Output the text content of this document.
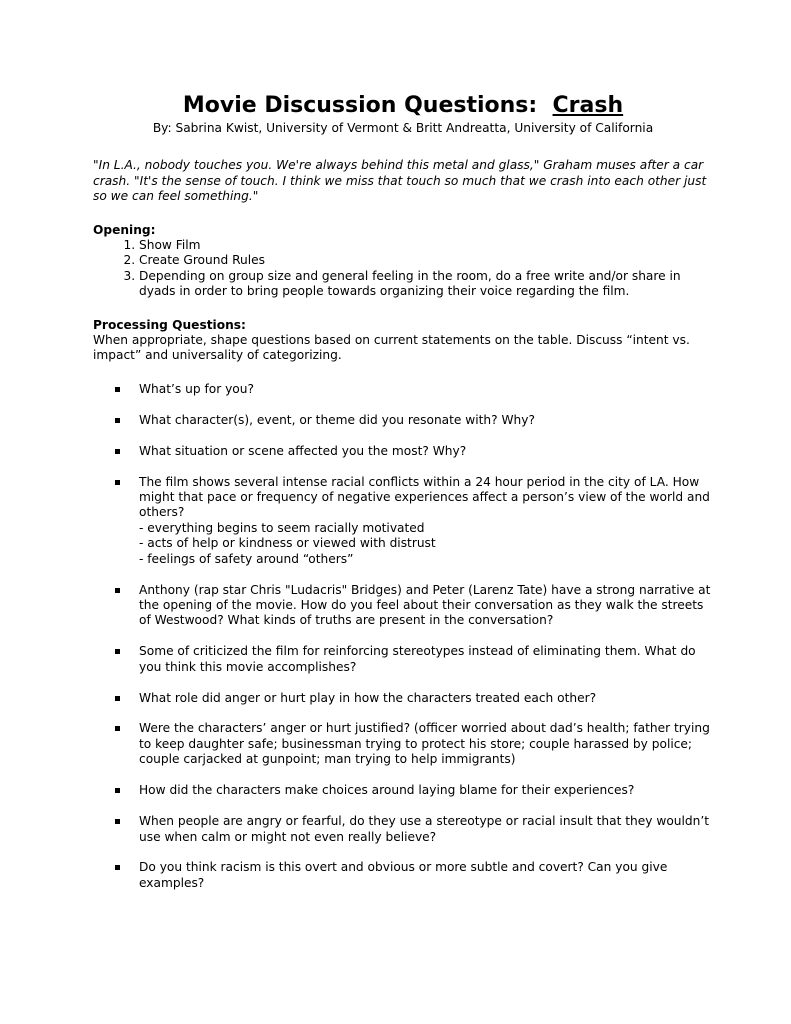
Movie Discussion Questions: Crash

By: Sabrina Kwist, University of Vermont & Britt Andreatta, University of California

"In L.A., nobody touches you. We're always behind this metal and glass," Graham muses after a car crash. "It's the sense of touch. I think we miss that touch so much that we crash into each other just so we can feel something."

Opening:
1. Show Film
2. Create Ground Rules
3. Depending on group size and general feeling in the room, do a free write and/or share in dyads in order to bring people towards organizing their voice regarding the film.
Processing Questions:

When appropriate, shape questions based on current statements on the table. Discuss “intent vs. impact” and universality of categorizing.

What’s up for you?
What character(s), event, or theme did you resonate with? Why?
What situation or scene affected you the most? Why?
The film shows several intense racial conflicts within a 24 hour period in the city of LA. How might that pace or frequency of negative experiences affect a person’s view of the world and others?
- everything begins to seem racially motivated
- acts of help or kindness or viewed with distrust
- feelings of safety around “others”
Anthony (rap star Chris "Ludacris" Bridges) and Peter (Larenz Tate) have a strong narrative at the opening of the movie. How do you feel about their conversation as they walk the streets of Westwood? What kinds of truths are present in the conversation?
Some of criticized the film for reinforcing stereotypes instead of eliminating them. What do you think this movie accomplishes?
What role did anger or hurt play in how the characters treated each other?
Were the characters’ anger or hurt justified? (officer worried about dad’s health; father trying to keep daughter safe; businessman trying to protect his store; couple harassed by police; couple carjacked at gunpoint; man trying to help immigrants)
How did the characters make choices around laying blame for their experiences?
When people are angry or fearful, do they use a stereotype or racial insult that they wouldn’t use when calm or might not even really believe?
Do you think racism is this overt and obvious or more subtle and covert? Can you give examples?
